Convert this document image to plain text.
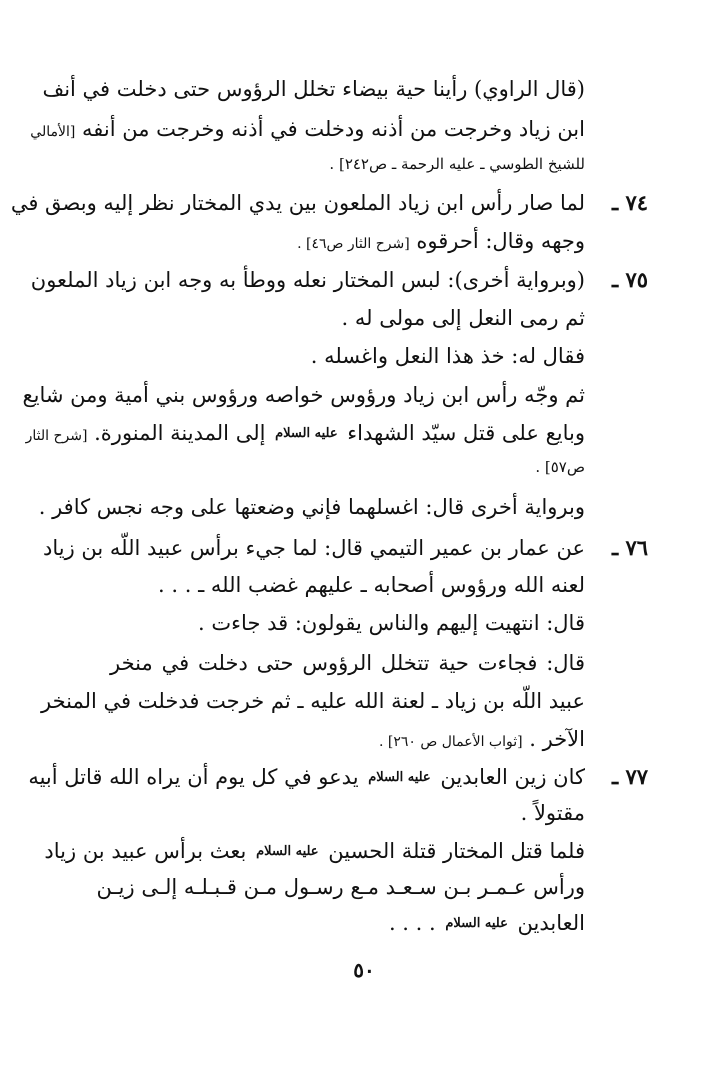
(قال الراوي) رأينا حية بيضاء تخلل الرؤوس حتى دخلت في أنف
ابن زياد وخرجت من أذنه ودخلت في أذنه وخرجت من أنفه [الأمالي
للشيخ الطوسي ـ عليه الرحمة ـ ص٢٤٢] .
٧٤ ـ
لما صار رأس ابن زياد الملعون بين يدي المختار نظر إليه وبصق في
وجهه وقال: أحرقوه [شرح الثار ص٤٦] .
٧٥ ـ
(وبرواية أخرى): لبس المختار نعله ووطأ به وجه ابن زياد الملعون
ثم رمى النعل إلى مولى له .
فقال له: خذ هذا النعل واغسله .
ثم وجّه رأس ابن زياد ورؤوس خواصه ورؤوس بني أمية ومن شايع
وبايع على قتل سيّد الشهداء عليه السلام إلى المدينة المنورة. [شرح الثار
ص٥٧] .
وبرواية أخرى قال: اغسلهما فإني وضعتها على وجه نجس كافر .
٧٦ ـ
عن عمار بن عمير التيمي قال: لما جيء برأس عبيد اللّه بن زياد
لعنه الله ورؤوس أصحابه ـ عليهم غضب الله ـ . . .
قال: انتهيت إليهم والناس يقولون: قد جاءت .
قال: فجاءت حية تتخلل الرؤوس حتى دخلت في منخر
عبيد اللّه بن زياد ـ لعنة الله عليه ـ ثم خرجت فدخلت في المنخر
الآخر . [ثواب الأعمال ص ٢٦٠] .
٧٧ ـ
كان زين العابدين عليه السلام يدعو في كل يوم أن يراه الله قاتل أبيه
مقتولاً .
فلما قتل المختار قتلة الحسين عليه السلام بعث برأس عبيد بن زياد
ورأس عـمـر بـن سـعـد مـع رسـول مـن قـبـلـه إلـى زيـن
العابدين عليه السلام . . . .
٥٠
